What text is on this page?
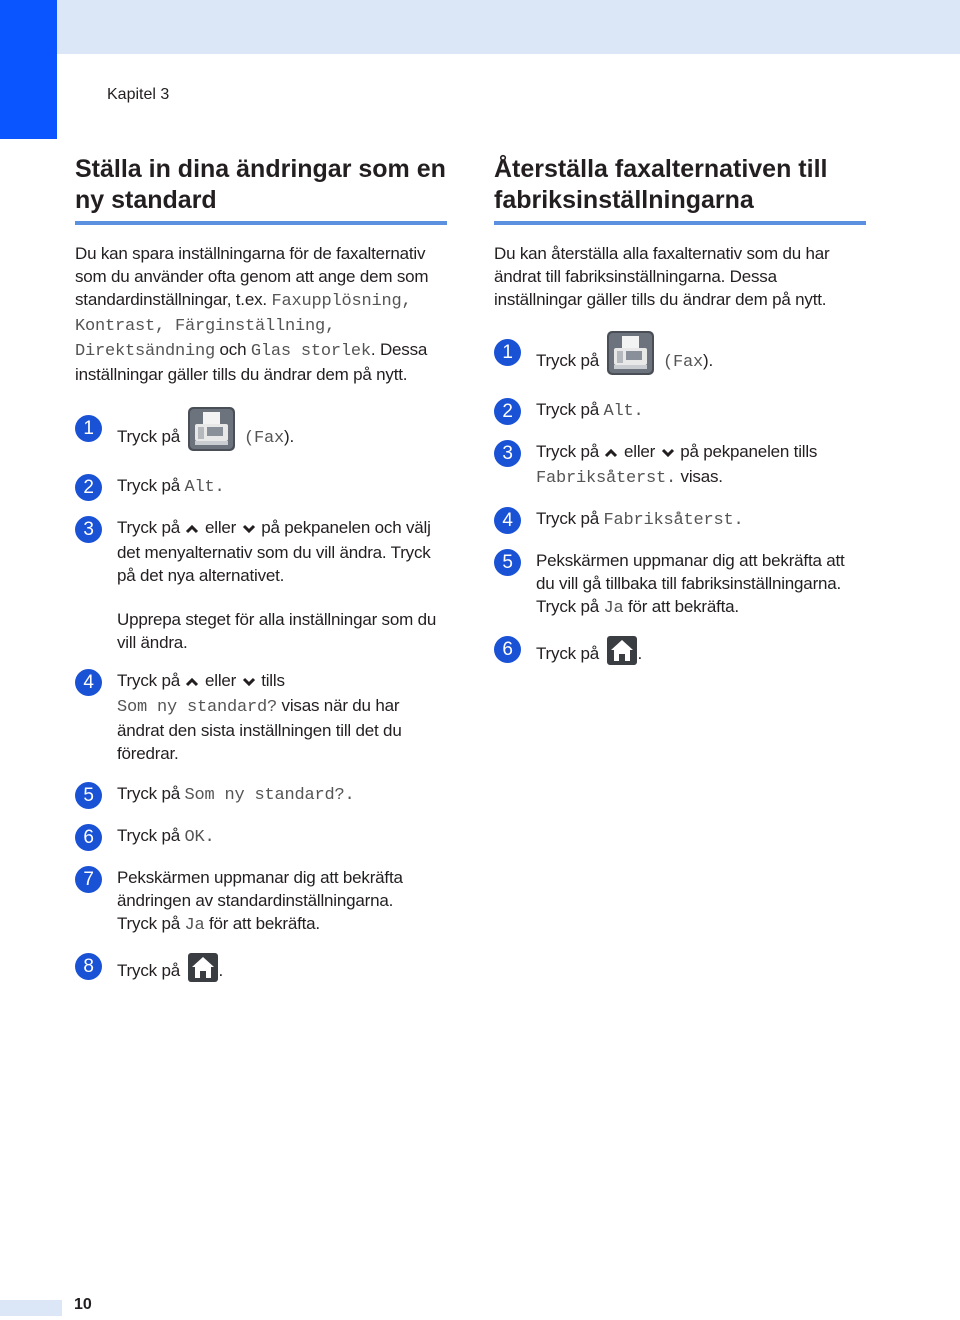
Kapitel 3
Ställa in dina ändringar som en ny standard

Du kan spara inställningarna för de faxalternativ som du använder ofta genom att ange dem som standardinställningar, t.ex. Faxupplösning, Kontrast, Färginställning, Direktsändning och Glas storlek. Dessa inställningar gäller tills du ändrar dem på nytt.

1	Tryck på	(Fax).
2	Tryck på Alt.
3	Tryck på eller på pekpanelen och välj det menyalternativ som du vill ändra. Tryck på det nya alternativet.
Upprepa steget för alla inställningar som du vill ändra.
4	Tryck på eller tills
Som ny standard? visas när du har ändrat den sista inställningen till det du föredrar.
5	Tryck på Som ny standard?.
6	Tryck på OK.
7	Pekskärmen uppmanar dig att bekräfta ändringen av standardinställningarna.
Tryck på Ja för att bekräfta.
8	Tryck på .
Återställa faxalternativen till fabriksinställningarna

Du kan återställa alla faxalternativ som du har ändrat till fabriksinställningarna. Dessa inställningar gäller tills du ändrar dem på nytt.

1	Tryck på	(Fax).
2	Tryck på Alt.
3	Tryck på eller på pekpanelen tills
Fabriksåterst. visas.
4	Tryck på Fabriksåterst.
5	Pekskärmen uppmanar dig att bekräfta att du vill gå tillbaka till fabriksinställningarna.
Tryck på Ja för att bekräfta.
6	Tryck på .
10
